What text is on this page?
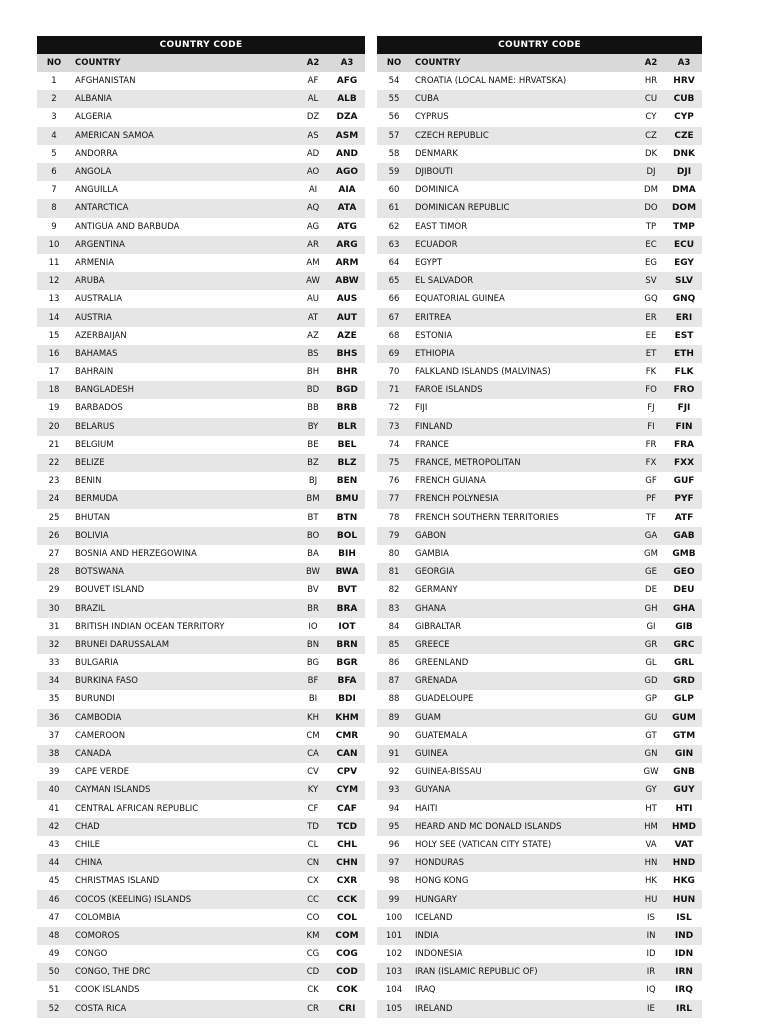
COUNTRY CODE
NO	COUNTRY	A2	A3
1	AFGHANISTAN	AF	AFG
2	ALBANIA	AL	ALB
3	ALGERIA	DZ	DZA
4	AMERICAN SAMOA	AS	ASM
5	ANDORRA	AD	AND
6	ANGOLA	AO	AGO
7	ANGUILLA	AI	AIA
8	ANTARCTICA	AQ	ATA
9	ANTIGUA AND BARBUDA	AG	ATG
10	ARGENTINA	AR	ARG
11	ARMENIA	AM	ARM
12	ARUBA	AW	ABW
13	AUSTRALIA	AU	AUS
14	AUSTRIA	AT	AUT
15	AZERBAIJAN	AZ	AZE
16	BAHAMAS	BS	BHS
17	BAHRAIN	BH	BHR
18	BANGLADESH	BD	BGD
19	BARBADOS	BB	BRB
20	BELARUS	BY	BLR
21	BELGIUM	BE	BEL
22	BELIZE	BZ	BLZ
23	BENIN	BJ	BEN
24	BERMUDA	BM	BMU
25	BHUTAN	BT	BTN
26	BOLIVIA	BO	BOL
27	BOSNIA AND HERZEGOWINA	BA	BIH
28	BOTSWANA	BW	BWA
29	BOUVET ISLAND	BV	BVT
30	BRAZIL	BR	BRA
31	BRITISH INDIAN OCEAN TERRITORY	IO	IOT
32	BRUNEI DARUSSALAM	BN	BRN
33	BULGARIA	BG	BGR
34	BURKINA FASO	BF	BFA
35	BURUNDI	BI	BDI
36	CAMBODIA	KH	KHM
37	CAMEROON	CM	CMR
38	CANADA	CA	CAN
39	CAPE VERDE	CV	CPV
40	CAYMAN ISLANDS	KY	CYM
41	CENTRAL AFRICAN REPUBLIC	CF	CAF
42	CHAD	TD	TCD
43	CHILE	CL	CHL
44	CHINA	CN	CHN
45	CHRISTMAS ISLAND	CX	CXR
46	COCOS (KEELING) ISLANDS	CC	CCK
47	COLOMBIA	CO	COL
48	COMOROS	KM	COM
49	CONGO	CG	COG
50	CONGO, THE DRC	CD	COD
51	COOK ISLANDS	CK	COK
52	COSTA RICA	CR	CRI
COUNTRY CODE
NO	COUNTRY	A2	A3
54	CROATIA (LOCAL NAME: HRVATSKA)	HR	HRV
55	CUBA	CU	CUB
56	CYPRUS	CY	CYP
57	CZECH REPUBLIC	CZ	CZE
58	DENMARK	DK	DNK
59	DJIBOUTI	DJ	DJI
60	DOMINICA	DM	DMA
61	DOMINICAN REPUBLIC	DO	DOM
62	EAST TIMOR	TP	TMP
63	ECUADOR	EC	ECU
64	EGYPT	EG	EGY
65	EL SALVADOR	SV	SLV
66	EQUATORIAL GUINEA	GQ	GNQ
67	ERITREA	ER	ERI
68	ESTONIA	EE	EST
69	ETHIOPIA	ET	ETH
70	FALKLAND ISLANDS (MALVINAS)	FK	FLK
71	FAROE ISLANDS	FO	FRO
72	FIJI	FJ	FJI
73	FINLAND	FI	FIN
74	FRANCE	FR	FRA
75	FRANCE, METROPOLITAN	FX	FXX
76	FRENCH GUIANA	GF	GUF
77	FRENCH POLYNESIA	PF	PYF
78	FRENCH SOUTHERN TERRITORIES	TF	ATF
79	GABON	GA	GAB
80	GAMBIA	GM	GMB
81	GEORGIA	GE	GEO
82	GERMANY	DE	DEU
83	GHANA	GH	GHA
84	GIBRALTAR	GI	GIB
85	GREECE	GR	GRC
86	GREENLAND	GL	GRL
87	GRENADA	GD	GRD
88	GUADELOUPE	GP	GLP
89	GUAM	GU	GUM
90	GUATEMALA	GT	GTM
91	GUINEA	GN	GIN
92	GUINEA-BISSAU	GW	GNB
93	GUYANA	GY	GUY
94	HAITI	HT	HTI
95	HEARD AND MC DONALD ISLANDS	HM	HMD
96	HOLY SEE (VATICAN CITY STATE)	VA	VAT
97	HONDURAS	HN	HND
98	HONG KONG	HK	HKG
99	HUNGARY	HU	HUN
100	ICELAND	IS	ISL
101	INDIA	IN	IND
102	INDONESIA	ID	IDN
103	IRAN (ISLAMIC REPUBLIC OF)	IR	IRN
104	IRAQ	IQ	IRQ
105	IRELAND	IE	IRL
